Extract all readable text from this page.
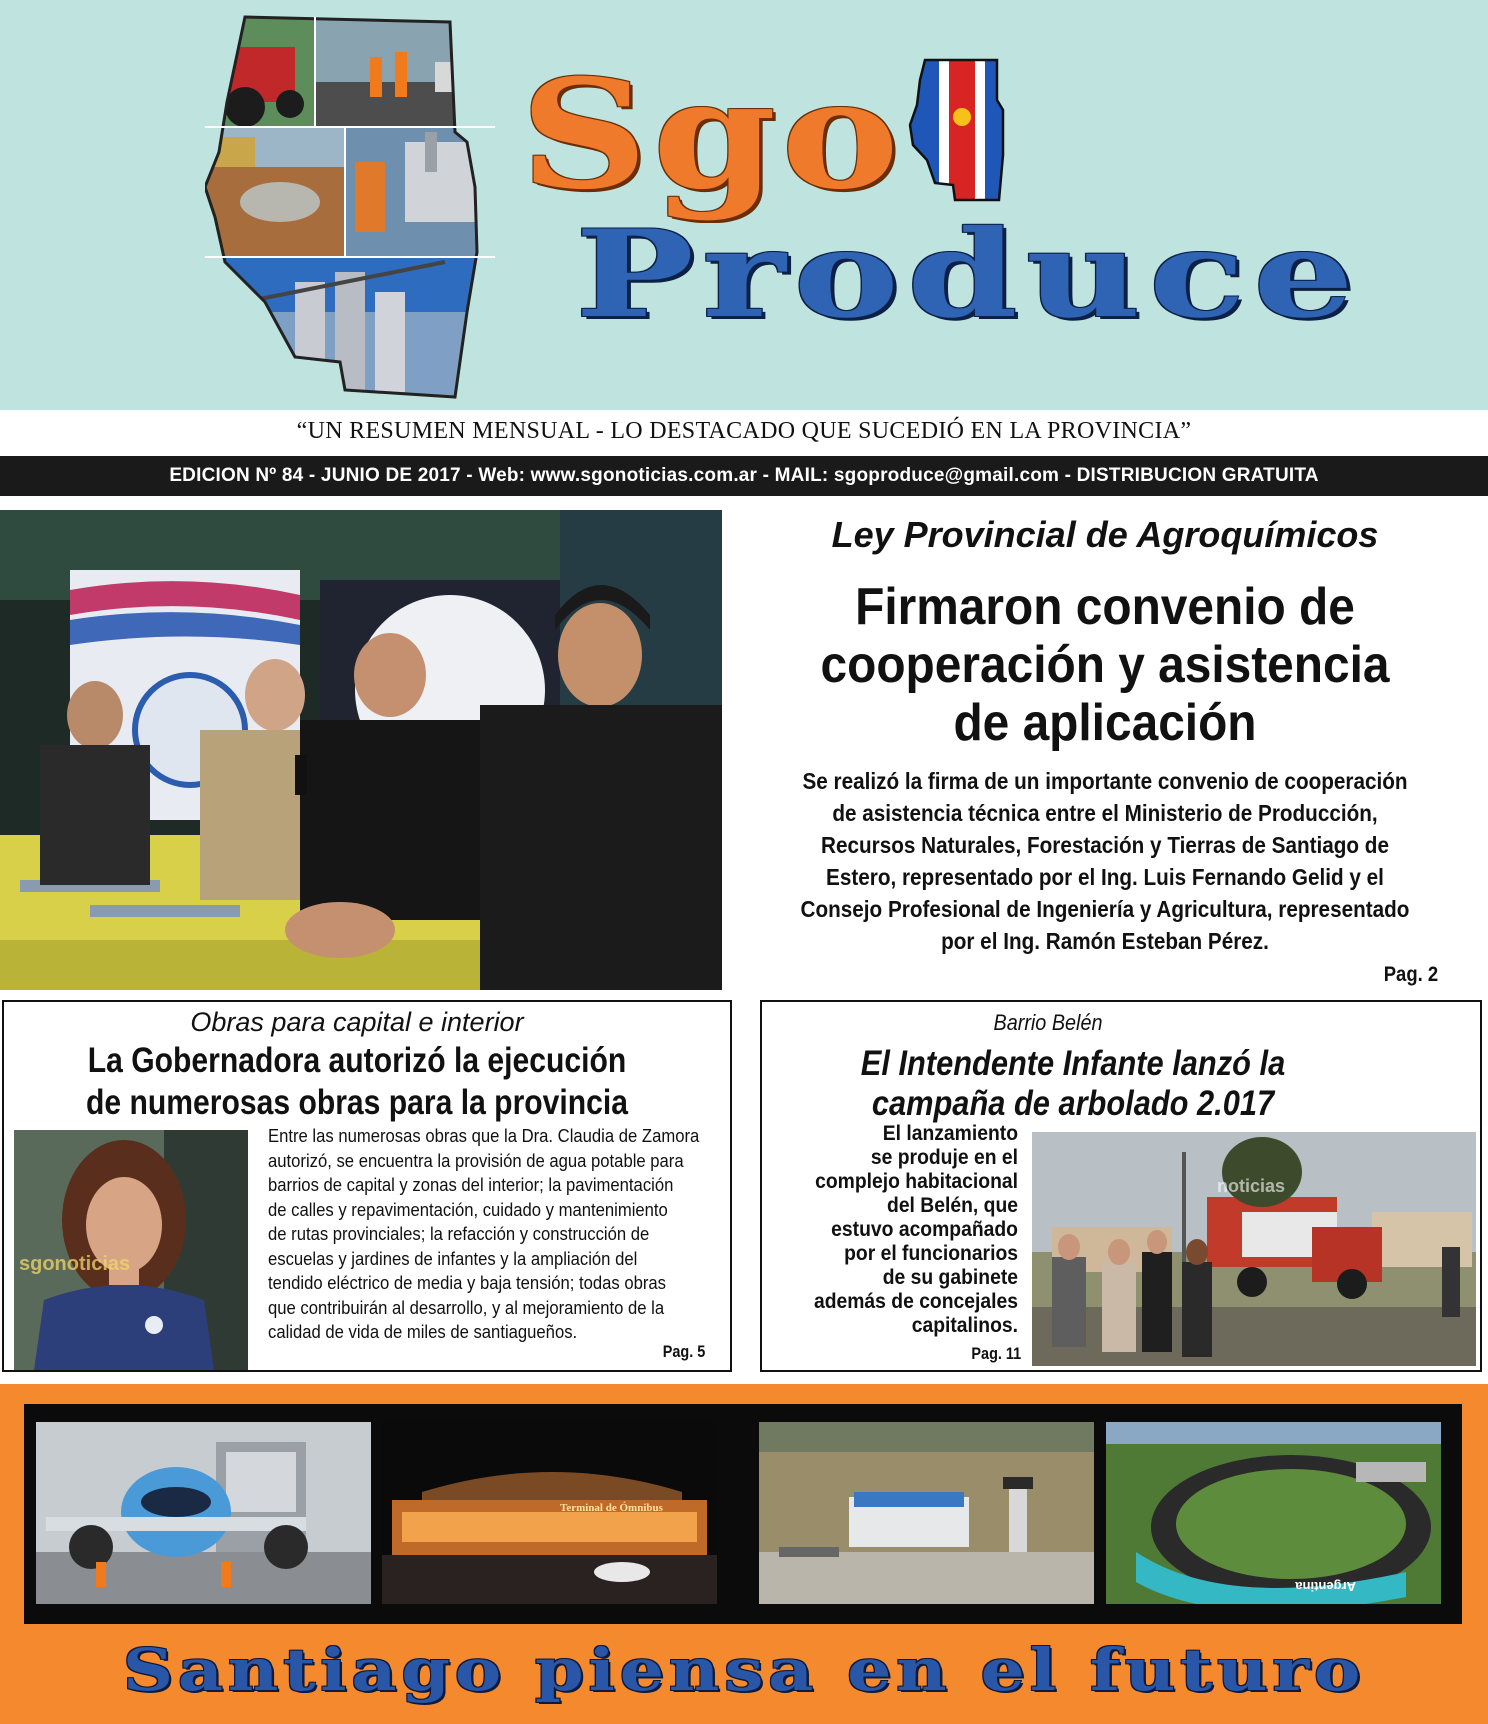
Sgo
Produce
“UN RESUMEN MENSUAL - LO DESTACADO QUE SUCEDIÓ EN LA PROVINCIA”
EDICION Nº 84 - JUNIO DE 2017 - Web: www.sgonoticias.com.ar - MAIL: sgoproduce@gmail.com - DISTRIBUCION GRATUITA
Ley Provincial de Agroquímicos
Firmaron convenio de
cooperación y asistencia
de aplicación
Se realizó la firma de un importante convenio de cooperación
de asistencia técnica entre el Ministerio de Producción,
Recursos Naturales, Forestación y Tierras de Santiago de
Estero, representado por el Ing. Luis Fernando Gelid y el
Consejo Profesional de Ingeniería y Agricultura, representado
por el Ing. Ramón Esteban Pérez.
Pag. 2
Obras para capital e interior
La Gobernadora autorizó la ejecución
de numerosas obras para la provincia
sgonoticias
Entre las numerosas obras que la Dra. Claudia de Zamora
autorizó, se encuentra la provisión de agua potable para
barrios de capital y zonas del interior; la pavimentación
de calles y repavimentación, cuidado y mantenimiento
de rutas provinciales; la refacción y construcción de
escuelas y jardines de infantes y la ampliación del
tendido eléctrico de media y baja tensión; todas obras
que contribuirán al desarrollo, y al mejoramiento de la
calidad de vida de miles de santiagueños.
Pag. 5
Barrio Belén
El Intendente Infante lanzó la
campaña de arbolado 2.017
El lanzamiento
se produje en el
complejo habitacional
del Belén, que
estuvo acompañado
por el funcionarios
de su gabinete
además de concejales
capitalinos.
Pag. 11
noticias
Terminal de Ómnibus
Argentina
Santiago piensa en el futuro
